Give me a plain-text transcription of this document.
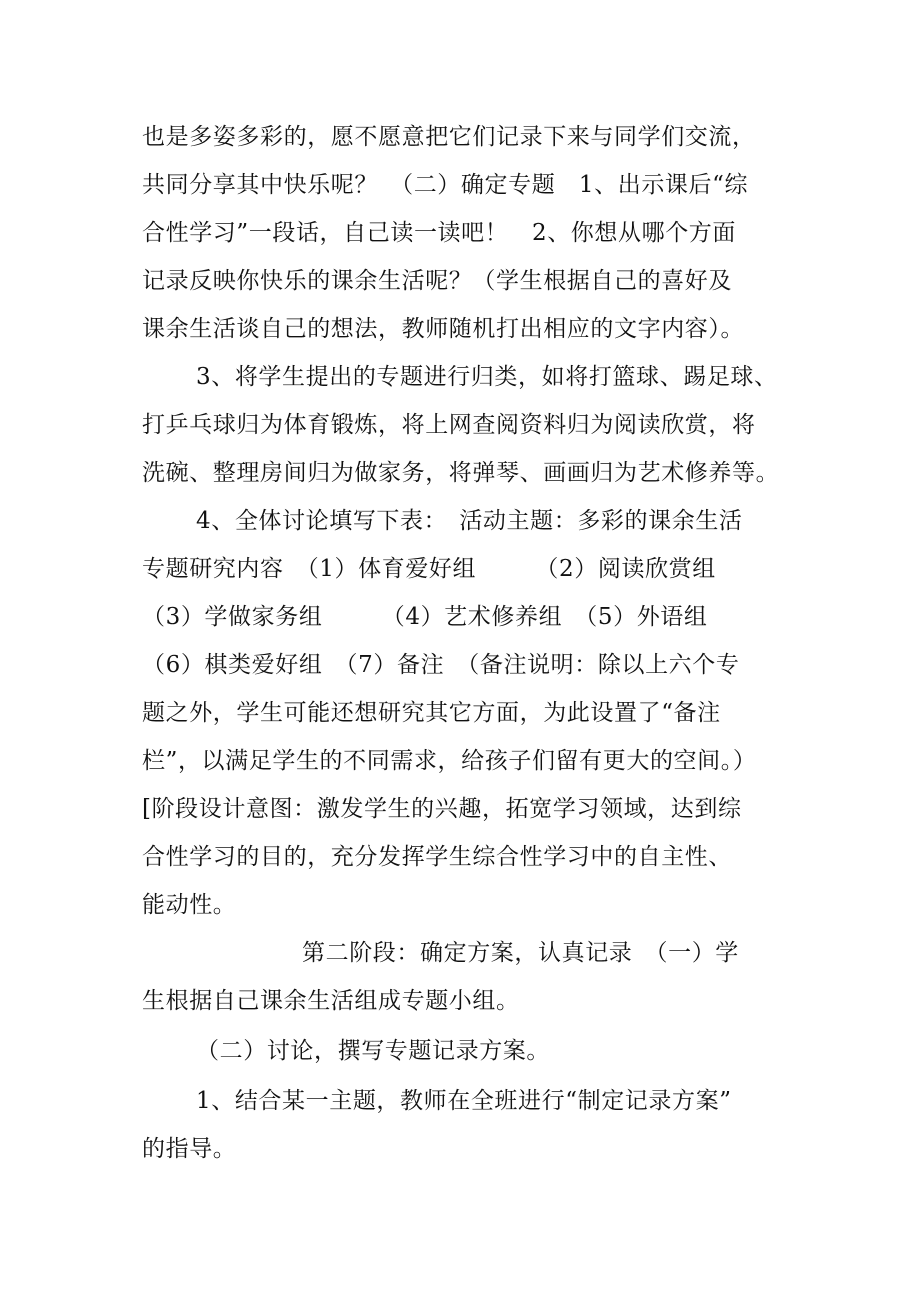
也是多姿多彩的，愿不愿意把它们记录下来与同学们交流，
共同分享其中快乐呢？　（二）确定专题　1、出示课后“综
合性学习”一段话，自己读一读吧！　2、你想从哪个方面
记录反映你快乐的课余生活呢？（学生根据自己的喜好及
课余生活谈自己的想法，教师随机打出相应的文字内容）。
3、将学生提出的专题进行归类，如将打篮球、踢足球、
打乒乓球归为体育锻炼，将上网查阅资料归为阅读欣赏，将
洗碗、整理房间归为做家务，将弹琴、画画归为艺术修养等。
4、全体讨论填写下表：　活动主题：多彩的课余生活
专题研究内容　（1）体育爱好组　　　（2）阅读欣赏组
（3）学做家务组　　　（4）艺术修养组　（5）外语组
（6）棋类爱好组　（7）备注　（备注说明：除以上六个专
题之外，学生可能还想研究其它方面，为此设置了“备注
栏”，以满足学生的不同需求，给孩子们留有更大的空间。）
[阶段设计意图：激发学生的兴趣，拓宽学习领域，达到综
合性学习的目的，充分发挥学生综合性学习中的自主性、
能动性。
第二阶段：确定方案，认真记录　（一）学
生根据自己课余生活组成专题小组。
（二）讨论，撰写专题记录方案。
1、结合某一主题，教师在全班进行“制定记录方案”
的指导。
